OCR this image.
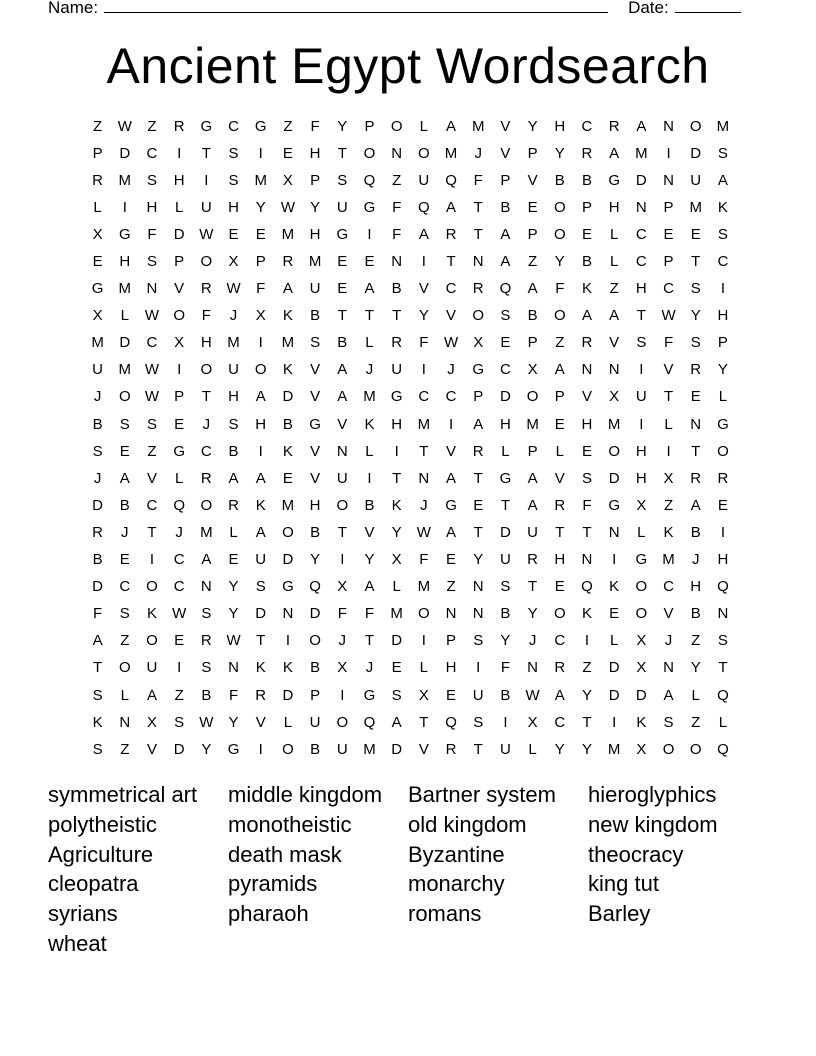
Name:	Date:
Ancient Egypt Wordsearch
Z	W	Z	R	G	C	G	Z	F	Y	P	O	L	A	M	V	Y	H	C	R	A	N	O	M
P	D	C	I	T	S	I	E	H	T	O	N	O	M	J	V	P	Y	R	A	M	I	D	S
R	M	S	H	I	S	M	X	P	S	Q	Z	U	Q	F	P	V	B	B	G	D	N	U	A
L	I	H	L	U	H	Y	W	Y	U	G	F	Q	A	T	B	E	O	P	H	N	P	M	K
X	G	F	D W	E	E	M	H	G	I	F	A	R	T	A	P	O	E	L	C	E	E	S
E	H	S	P	O	X	P	R	M	E	E	N	I	T	N	A	Z	Y	B	L	C	P	T	C
G	M	N	V	R W	F	A	U	E	A	B	V	C	R	Q	A	F	K	Z	H	C	S	I
X	L	W O	F	J	X	K	B	T	T	T	Y	V	O	S	B	O	A	A	T	W	Y	H
M	D	C	X	H	M	I	M	S	B	L	R	F	W	X	E	P	Z	R	V	S	F	S	P
U	M W	I	O	U	O	K	V	A	J	U	I	J	G	C	X	A	N	N	I	V	R	Y
J	O W	P	T	H	A	D	V	A	M	G	C	C	P	D	O	P	V	X	U	T	E	L
B	S	S	E	J	S	H	B	G	V	K	H	M	I	A	H	M	E	H	M	I	L	N	G
S	E	Z	G	C	B	I	K	V	N	L	I	T	V	R	L	P	L	E	O	H	I	T	O
J	A	V	L	R	A	A	E	V	U	I	T	N	A	T	G	A	V	S	D	H	X	R	R
D	B	C	Q	O	R	K	M	H	O	B	K	J	G	E	T	A	R	F	G	X	Z	A	E
R	J	T	J	M	L	A	O	B	T	V	Y	W	A	T	D	U	T	T	N	L	K	B	I
B	E	I	C	A	E	U	D	Y	I	Y	X	F	E	Y	U	R	H	N	I	G	M	J	H
D	C	O	C	N	Y	S	G	Q	X	A	L	M	Z	N	S	T	E	Q	K	O	C	H	Q
F	S	K	W	S	Y	D	N	D	F	F	M	O	N	N	B	Y	O	K	E	O	V	B	N
A	Z	O	E	R W	T	I	O	J	T	D	I	P	S	Y	J	C	I	L	X	J	Z	S
T	O	U	I	S	N	K	K	B	X	J	E	L	H	I	F	N	R	Z	D	X	N	Y	T
S	L	A	Z	B	F	R	D	P	I	G	S	X	E	U	B	W	A	Y	D	D	A	L	Q
K	N	X	S	W	Y	V	L	U	O	Q	A	T	Q	S	I	X	C	T	I	K	S	Z	L
S	Z	V	D	Y	G	I	O	B	U	M	D	V	R	T	U	L	Y	Y	M	X	O	O	Q
symmetrical art	middle kingdom	Bartner system	hieroglyphics
polytheistic	monotheistic	old kingdom	new kingdom
Agriculture	death mask	Byzantine	theocracy
cleopatra	pyramids	monarchy	king tut
syrians	pharaoh	romans	Barley
wheat
